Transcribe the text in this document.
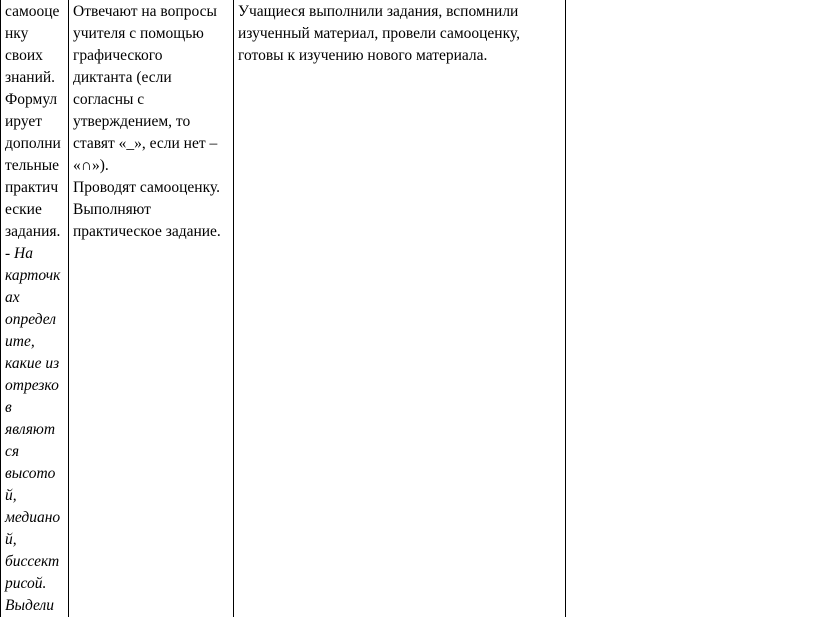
самооце
нку
своих
знаний.
Формул
ирует
дополни
тельные
практич
еские
задания.
- На
карточк
ах
определ
ите,
какие из
отрезко
в
являют
ся
высото
й,
медиано
й,
биссект
рисой.
Выдели

Отвечают на вопросы
учителя с помощью
графического
диктанта (если
согласны с
утверждением, то
ставят «_», если нет –
«∩»).
Проводят самооценку.
Выполняют
практическое задание.

Учащиеся выполнили задания, вспомнили
изученный материал, провели самооценку,
готовы к изучению нового материала.
